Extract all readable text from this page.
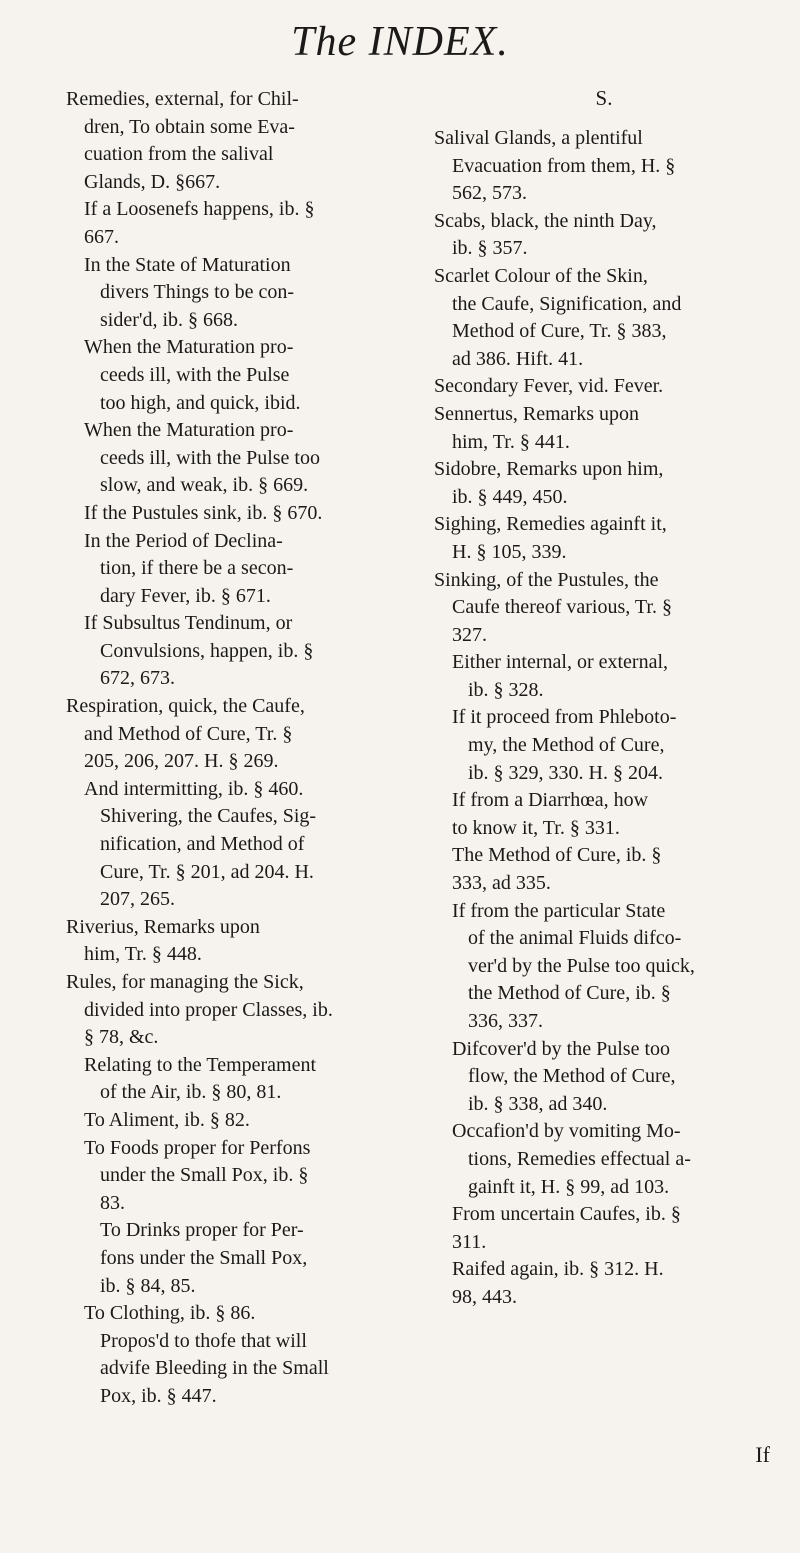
The INDEX.
Remedies, external, for Chil-
dren, To obtain some Eva-
cuation from the salival
Glands, D. §667.
If a Loosenefs happens, ib. §
667.
In the State of Maturation
divers Things to be con-
sider'd, ib. § 668.
When the Maturation pro-
ceeds ill, with the Pulse
too high, and quick, ibid.
When the Maturation pro-
ceeds ill, with the Pulse too
slow, and weak, ib. § 669.
If the Pustules sink, ib. § 670.
In the Period of Declina-
tion, if there be a secon-
dary Fever, ib. § 671.
If Subsultus Tendinum, or
Convulsions, happen, ib. §
672, 673.
Respiration, quick, the Caufe,
and Method of Cure, Tr. §
205, 206, 207. H. § 269.
And intermitting, ib. § 460.
Shivering, the Caufes, Sig-
nification, and Method of
Cure, Tr. § 201, ad 204. H.
207, 265.
Riverius, Remarks upon
him, Tr. § 448.
Rules, for managing the Sick,
divided into proper Classes, ib.
§ 78, &c.
Relating to the Temperament
of the Air, ib. § 80, 81.
To Aliment, ib. § 82.
To Foods proper for Perfons
under the Small Pox, ib. §
83.
To Drinks proper for Per-
fons under the Small Pox,
ib. § 84, 85.
To Clothing, ib. § 86.
Propos'd to thofe that will
advife Bleeding in the Small
Pox, ib. § 447.
S.
Salival Glands, a plentiful
Evacuation from them, H. §
562, 573.
Scabs, black, the ninth Day,
ib. § 357.
Scarlet Colour of the Skin,
the Caufe, Signification, and
Method of Cure, Tr. § 383,
ad 386. Hift. 41.
Secondary Fever, vid. Fever.
Sennertus, Remarks upon
him, Tr. § 441.
Sidobre, Remarks upon him,
ib. § 449, 450.
Sighing, Remedies againft it,
H. § 105, 339.
Sinking, of the Pustules, the
Caufe thereof various, Tr. §
327.
Either internal, or external,
ib. § 328.
If it proceed from Phleboto-
my, the Method of Cure,
ib. § 329, 330. H. § 204.
If from a Diarrhœa, how
to know it, Tr. § 331.
The Method of Cure, ib. §
333, ad 335.
If from the particular State
of the animal Fluids difco-
ver'd by the Pulse too quick,
the Method of Cure, ib. §
336, 337.
Difcover'd by the Pulse too
flow, the Method of Cure,
ib. § 338, ad 340.
Occafion'd by vomiting Mo-
tions, Remedies effectual a-
gainft it, H. § 99, ad 103.
From uncertain Caufes, ib. §
311.
Raifed again, ib. § 312. H.
98, 443.
If
